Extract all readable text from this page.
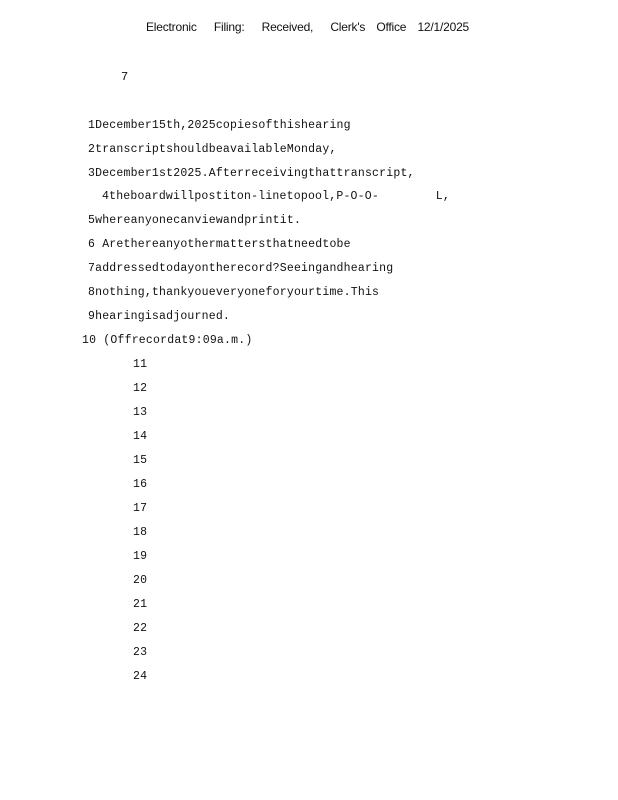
Electronic Filing: Received, Clerk's Office 12/1/2025
7
1December15th,2025copiesofthishearing
2transcriptshouldbeavailableMonday,
3December1st2025.Afterreceivingthattranscript,
4theboardwillpostiton-linetopool,P-O-O-        L,
5whereanyonecanviewandprintit.
6 Arethereanyothermattersthatneedtobe
7addressedtodayontherecord?Seeingandhearing
8nothing,thankyoueveryoneforyourtime.This
9hearingisadjourned.
10 (Offrecordat9:09a.m.)
11
12
13
14
15
16
17
18
19
20
21
22
23
24
